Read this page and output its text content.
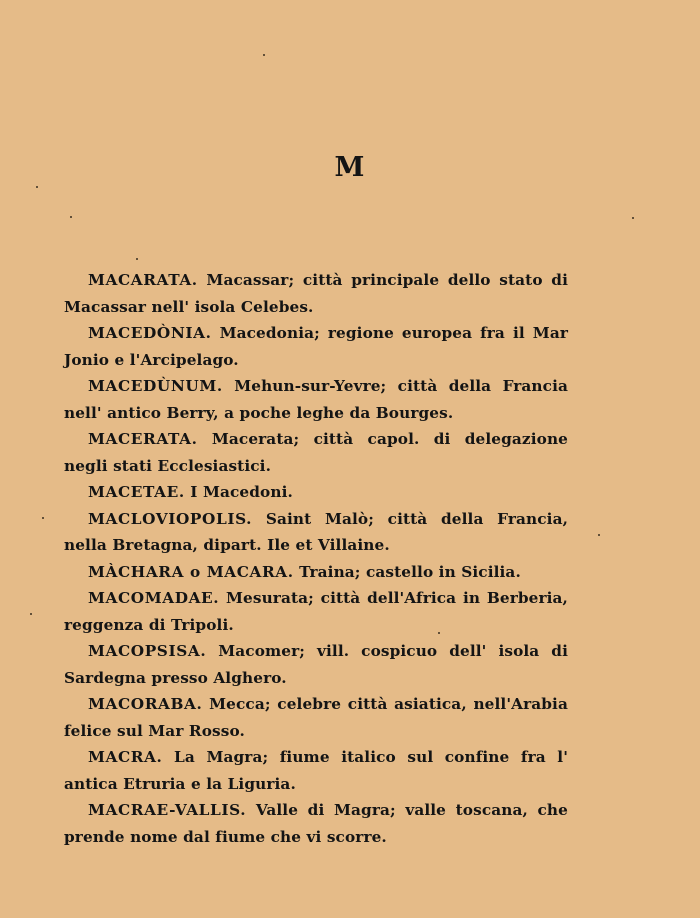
M

MACARATA. Macassar; città principale dello stato di Macassar nell' isola Celebes.

MACEDÒNIA. Macedonia; regione europea fra il Mar Jonio e l'Arcipelago.

MACEDÙNUM. Mehun-sur-Yevre; città della Francia nell' antico Berry, a poche leghe da Bourges.

MACERATA. Macerata; città capol. di delegazione negli stati Ecclesiastici.

MACETAE. I Macedoni.

MACLOVIOPOLIS. Saint Malò; città della Francia, nella Bretagna, dipart. Ile et Villaine.

MÀCHARA o MACARA. Traina; castello in Sicilia.

MACOMADAE. Mesurata; città dell'Africa in Berberia, reggenza di Tripoli.

MACOPSISA. Macomer; vill. cospicuo dell' isola di Sardegna presso Alghero.

MACORABA. Mecca; celebre città asiatica, nell'Arabia felice sul Mar Rosso.

MACRA. La Magra; fiume italico sul confine fra l' antica Etruria e la Liguria.

MACRAE-VALLIS. Valle di Magra; valle toscana, che prende nome dal fiume che vi scorre.
